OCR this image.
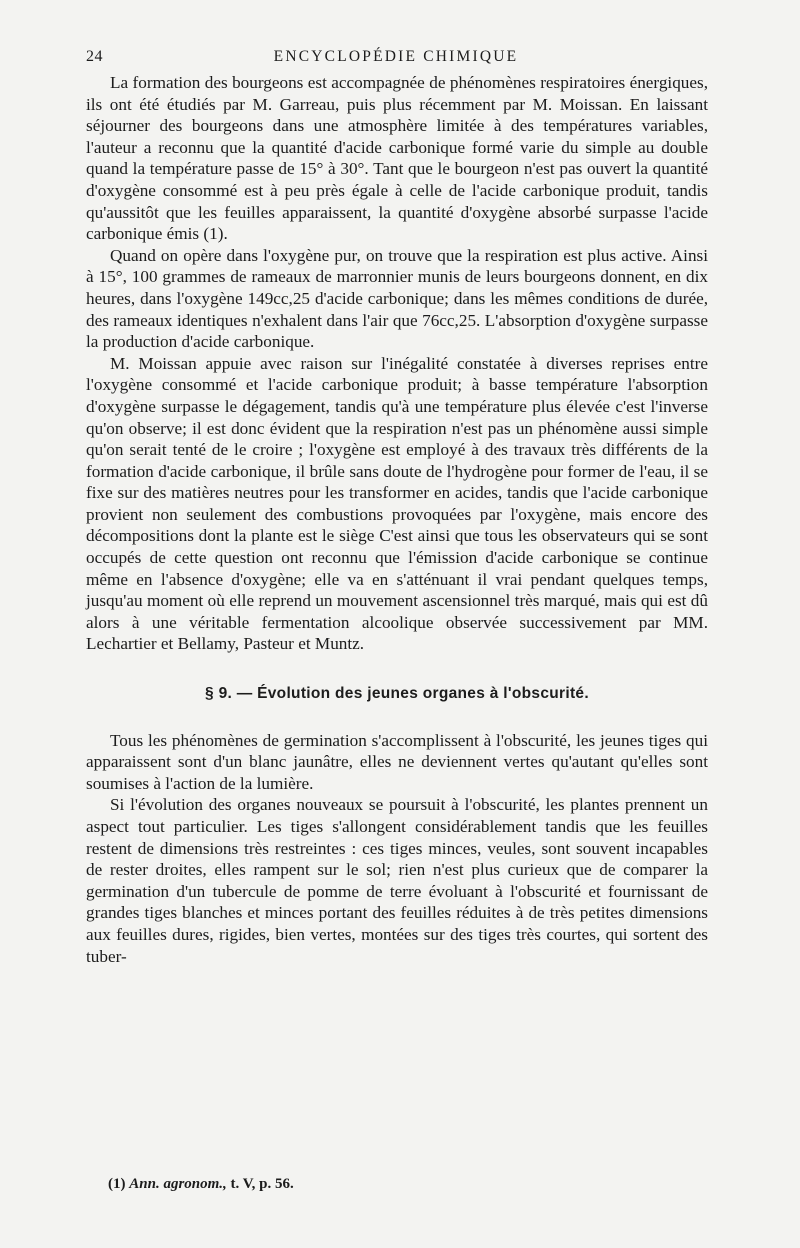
24	ENCYCLOPÉDIE CHIMIQUE

La formation des bourgeons est accompagnée de phénomènes respiratoires énergiques, ils ont été étudiés par M. Garreau, puis plus récemment par M. Moissan. En laissant séjourner des bourgeons dans une atmosphère limitée à des températures variables, l'auteur a reconnu que la quantité d'acide carbonique formé varie du simple au double quand la température passe de 15° à 30°. Tant que le bourgeon n'est pas ouvert la quantité d'oxygène consommé est à peu près égale à celle de l'acide carbonique produit, tandis qu'aussitôt que les feuilles apparaissent, la quantité d'oxygène absorbé surpasse l'acide carbonique émis (1).

Quand on opère dans l'oxygène pur, on trouve que la respiration est plus active. Ainsi à 15°, 100 grammes de rameaux de marronnier munis de leurs bourgeons donnent, en dix heures, dans l'oxygène 149cc,25 d'acide carbonique; dans les mêmes conditions de durée, des rameaux identiques n'exhalent dans l'air que 76cc,25. L'absorption d'oxygène surpasse la production d'acide carbonique.

M. Moissan appuie avec raison sur l'inégalité constatée à diverses reprises entre l'oxygène consommé et l'acide carbonique produit; à basse température l'absorption d'oxygène surpasse le dégagement, tandis qu'à une température plus élevée c'est l'inverse qu'on observe; il est donc évident que la respiration n'est pas un phénomène aussi simple qu'on serait tenté de le croire ; l'oxygène est employé à des travaux très différents de la formation d'acide carbonique, il brûle sans doute de l'hydrogène pour former de l'eau, il se fixe sur des matières neutres pour les transformer en acides, tandis que l'acide carbonique provient non seulement des combustions provoquées par l'oxygène, mais encore des décompositions dont la plante est le siège C'est ainsi que tous les observateurs qui se sont occupés de cette question ont reconnu que l'émission d'acide carbonique se continue même en l'absence d'oxygène; elle va en s'atténuant il vrai pendant quelques temps, jusqu'au moment où elle reprend un mouvement ascensionnel très marqué, mais qui est dû alors à une véritable fermentation alcoolique observée successivement par MM. Lechartier et Bellamy, Pasteur et Muntz.

§ 9. — Évolution des jeunes organes à l'obscurité.

Tous les phénomènes de germination s'accomplissent à l'obscurité, les jeunes tiges qui apparaissent sont d'un blanc jaunâtre, elles ne deviennent vertes qu'autant qu'elles sont soumises à l'action de la lumière.

Si l'évolution des organes nouveaux se poursuit à l'obscurité, les plantes prennent un aspect tout particulier. Les tiges s'allongent considérablement tandis que les feuilles restent de dimensions très restreintes : ces tiges minces, veules, sont souvent incapables de rester droites, elles rampent sur le sol; rien n'est plus curieux que de comparer la germination d'un tubercule de pomme de terre évoluant à l'obscurité et fournissant de grandes tiges blanches et minces portant des feuilles réduites à de très petites dimensions aux feuilles dures, rigides, bien vertes, montées sur des tiges très courtes, qui sortent des tuber-

(1) Ann. agronom., t. V, p. 56.
